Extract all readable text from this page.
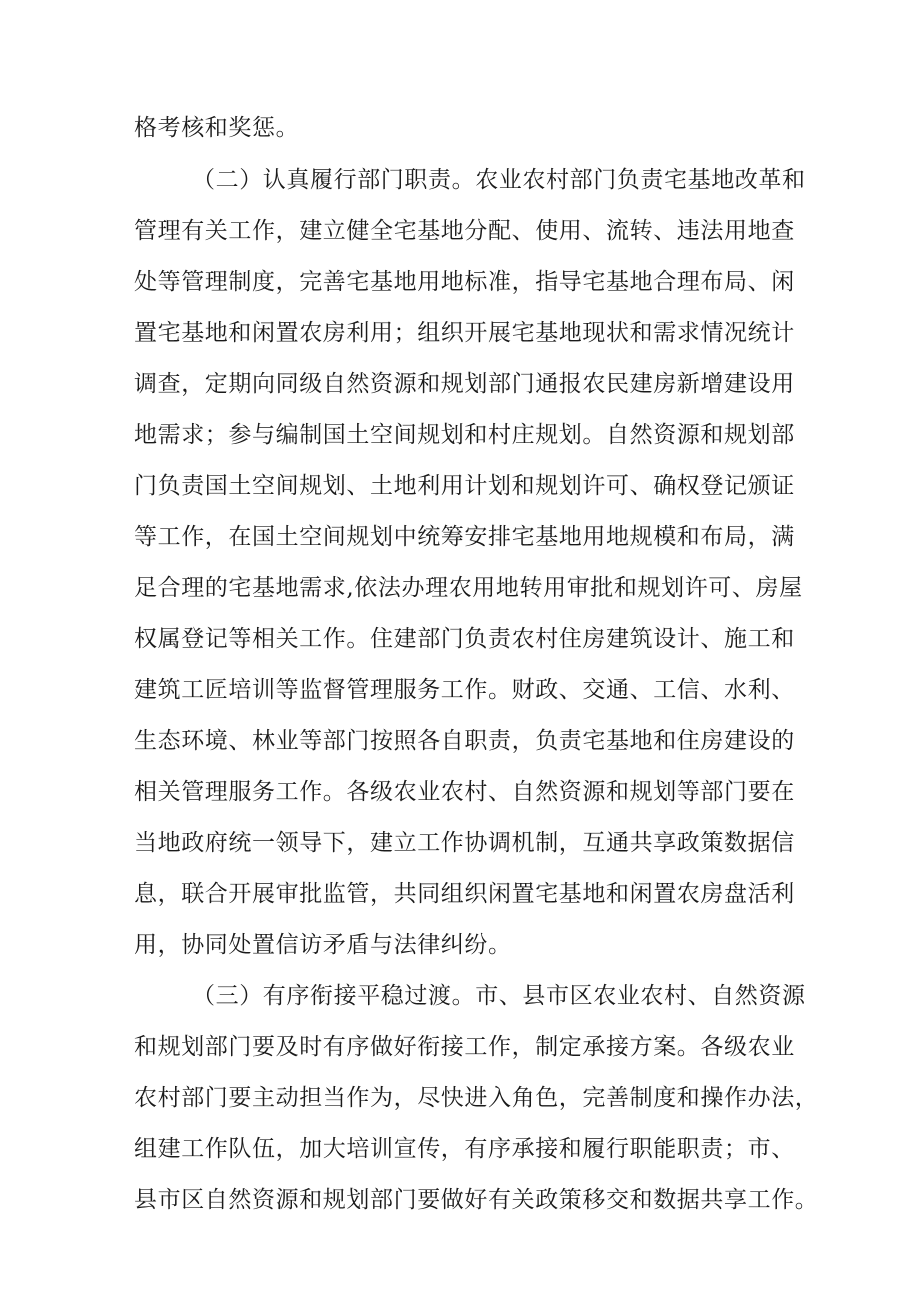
格考核和奖惩。
（二）认真履行部门职责。农业农村部门负责宅基地改革和
管理有关工作，建立健全宅基地分配、使用、流转、违法用地查
处等管理制度，完善宅基地用地标准，指导宅基地合理布局、闲
置宅基地和闲置农房利用；组织开展宅基地现状和需求情况统计
调查，定期向同级自然资源和规划部门通报农民建房新增建设用
地需求；参与编制国土空间规划和村庄规划。自然资源和规划部
门负责国土空间规划、土地利用计划和规划许可、确权登记颁证
等工作，在国土空间规划中统筹安排宅基地用地规模和布局，满
足合理的宅基地需求,依法办理农用地转用审批和规划许可、房屋
权属登记等相关工作。住建部门负责农村住房建筑设计、施工和
建筑工匠培训等监督管理服务工作。财政、交通、工信、水利、
生态环境、林业等部门按照各自职责，负责宅基地和住房建设的
相关管理服务工作。各级农业农村、自然资源和规划等部门要在
当地政府统一领导下，建立工作协调机制，互通共享政策数据信
息，联合开展审批监管，共同组织闲置宅基地和闲置农房盘活利
用，协同处置信访矛盾与法律纠纷。
（三）有序衔接平稳过渡。市、县市区农业农村、自然资源
和规划部门要及时有序做好衔接工作，制定承接方案。各级农业
农村部门要主动担当作为，尽快进入角色，完善制度和操作办法，
组建工作队伍，加大培训宣传，有序承接和履行职能职责；市、
县市区自然资源和规划部门要做好有关政策移交和数据共享工作。
